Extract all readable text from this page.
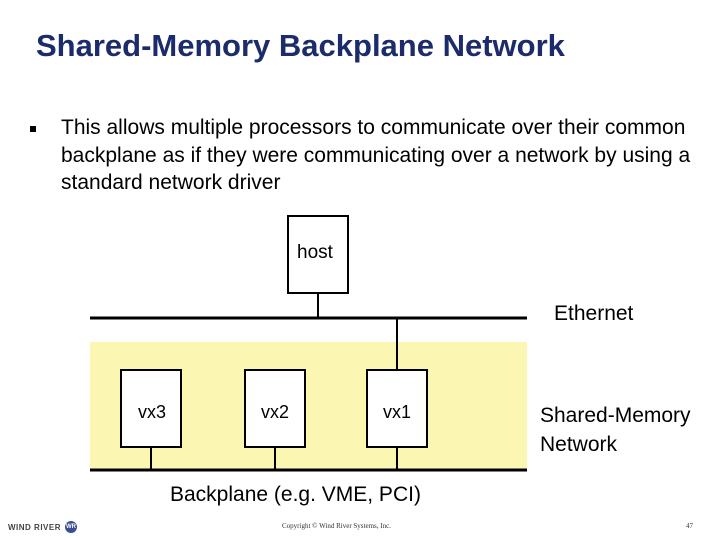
Shared-Memory Backplane Network
This allows multiple processors to communicate over their common backplane as if they were communicating over a network by using a standard network driver
host
Ethernet
vx3	vx2	vx1	Shared-Memory
Network
Backplane (e.g. VME, PCI)
WIND RIVER WR	Copyright © Wind River Systems, Inc.	47
